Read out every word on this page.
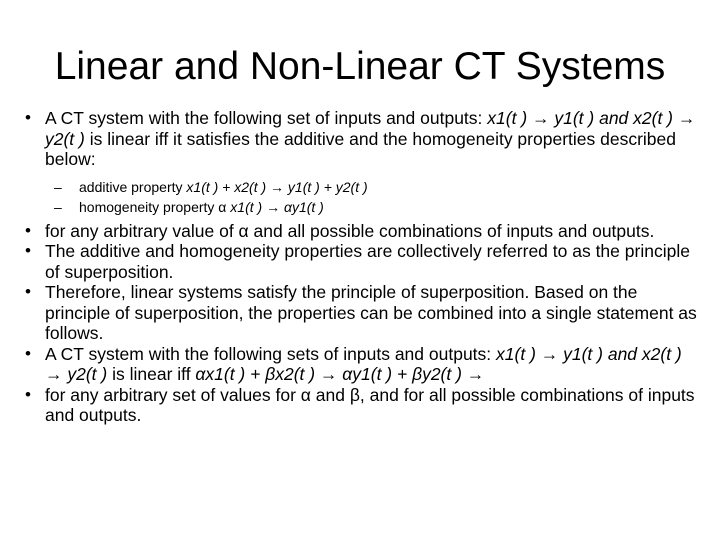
Linear and Non-Linear CT Systems
• A CT system with the following set of inputs and outputs: x1(t ) → y1(t ) and x2(t ) → y2(t ) is linear iff it satisfies the additive and the homogeneity properties described below:
– additive property x1(t ) + x2(t ) → y1(t ) + y2(t )
– homogeneity property α x1(t ) → αy1(t )
• for any arbitrary value of α and all possible combinations of inputs and outputs.
• The additive and homogeneity properties are collectively referred to as the principle of superposition.
• Therefore, linear systems satisfy the principle of superposition. Based on the principle of superposition, the properties can be combined into a single statement as follows.
• A CT system with the following sets of inputs and outputs: x1(t ) → y1(t ) and x2(t ) → y2(t ) is linear iff αx1(t ) + βx2(t ) → αy1(t ) + βy2(t ) →
• for any arbitrary set of values for α and β, and for all possible combinations of inputs and outputs.
